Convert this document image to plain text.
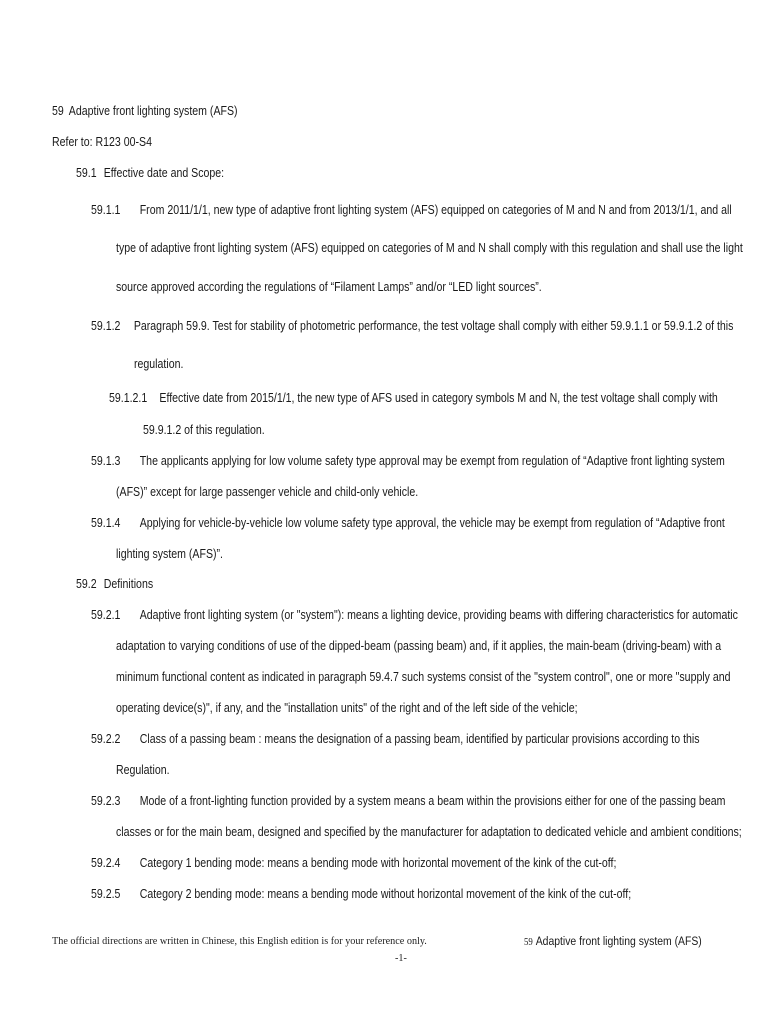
59 Adaptive front lighting system (AFS)
Refer to: R123 00-S4
59.1 Effective date and Scope:
59.1.1 From 2011/1/1, new type of adaptive front lighting system (AFS) equipped on categories of M and N and from 2013/1/1, and all
type of adaptive front lighting system (AFS) equipped on categories of M and N shall comply with this regulation and shall use the light
source approved according the regulations of “Filament Lamps” and/or “LED light sources”.
59.1.2 Paragraph 59.9. Test for stability of photometric performance, the test voltage shall comply with either 59.9.1.1 or 59.9.1.2 of this
regulation.
59.1.2.1 Effective date from 2015/1/1, the new type of AFS used in category symbols M and N, the test voltage shall comply with
59.9.1.2 of this regulation.
59.1.3 The applicants applying for low volume safety type approval may be exempt from regulation of “Adaptive front lighting system
(AFS)” except for large passenger vehicle and child-only vehicle.
59.1.4 Applying for vehicle-by-vehicle low volume safety type approval, the vehicle may be exempt from regulation of “Adaptive front
lighting system (AFS)”.
59.2 Definitions
59.2.1 Adaptive front lighting system (or "system"): means a lighting device, providing beams with differing characteristics for automatic
adaptation to varying conditions of use of the dipped-beam (passing beam) and, if it applies, the main-beam (driving-beam) with a
minimum functional content as indicated in paragraph 59.4.7 such systems consist of the "system control", one or more "supply and
operating device(s)", if any, and the "installation units" of the right and of the left side of the vehicle;
59.2.2 Class of a passing beam : means the designation of a passing beam, identified by particular provisions according to this
Regulation.
59.2.3 Mode of a front-lighting function provided by a system means a beam within the provisions either for one of the passing beam
classes or for the main beam, designed and specified by the manufacturer for adaptation to dedicated vehicle and ambient conditions;
59.2.4 Category 1 bending mode: means a bending mode with horizontal movement of the kink of the cut-off;
59.2.5 Category 2 bending mode: means a bending mode without horizontal movement of the kink of the cut-off;
The official directions are written in Chinese, this English edition is for your reference only.	59 Adaptive front lighting system (AFS)
-1-
